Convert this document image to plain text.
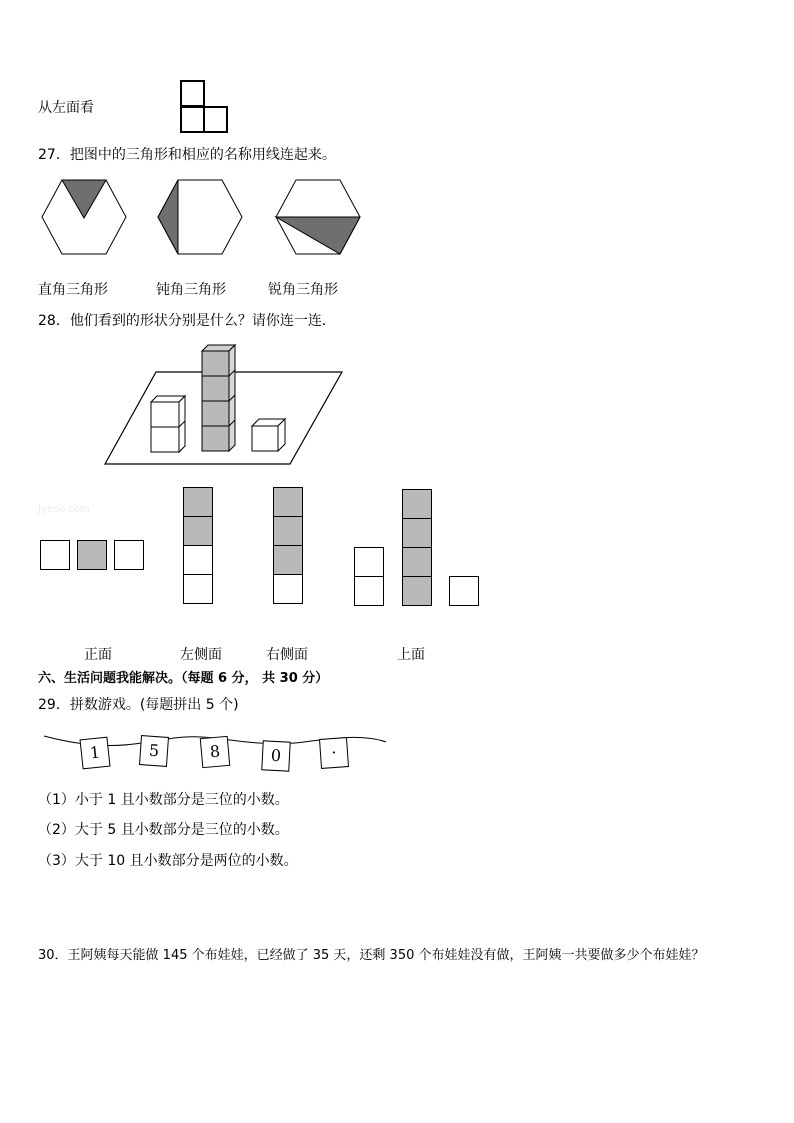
从左面看
27．把图中的三角形和相应的名称用线连起来。
直角三角形	钝角三角形	锐角三角形
28．他们看到的形状分别是什么？请你连一连．
Jyeoo.com
正面	左侧面	右侧面	上面
六、生活问题我能解决。（每题 6 分， 共 30 分）
29．拼数游戏。(每题拼出 5 个)
1	5	8	0	·
（1）小于 1 且小数部分是三位的小数。
（2）大于 5 且小数部分是三位的小数。
（3）大于 10 且小数部分是两位的小数。
30．王阿姨每天能做 145 个布娃娃，已经做了 35 天，还剩 350 个布娃娃没有做，王阿姨一共要做多少个布娃娃？
